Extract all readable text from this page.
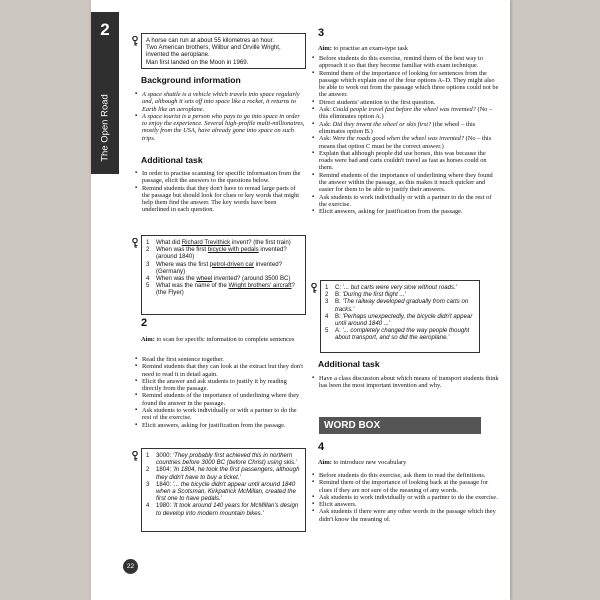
2
The Open Road
A horse can run at about 55 kilometres an hour.
Two American brothers, Wilbur and Orville Wright,
invented the aeroplane.
Man first landed on the Moon in 1969.
Background information
▪ A space shuttle is a vehicle which travels into space regularly and, although it sets off into space like a rocket, it returns to Earth like an aeroplane.
▪ A space tourist is a person who pays to go into space in order to enjoy the experience. Several high-profile multi-millionaires, mostly from the USA, have already gone into space on such trips.
Additional task
▪ In order to practise scanning for specific information from the passage, elicit the answers to the questions below.
▪ Remind students that they don't have to reread large parts of the passage but should look for clues or key words that might help them find the answer. The key words have been underlined in each question.
1	What did Richard Trevithick invent? (the first train)
2	When was the first bicycle with pedals invented? (around 1840)
3	Where was the first petrol-driven car invented? (Germany)
4	When was the wheel invented? (around 3500 BC)
5	What was the name of the Wright brothers' aircraft? (the Flyer)
2
Aim: to scan for specific information to complete sentences
▪ Read the first sentence together.
▪ Remind students that they can look at the extract but they don't need to read it in detail again.
▪ Elicit the answer and ask students to justify it by reading directly from the passage.
▪ Remind students of the importance of underlining where they found the answer in the passage.
▪ Ask students to work individually or with a partner to do the rest of the exercise.
▪ Elicit answers, asking for justification from the passage.
1	3000: 'They probably first achieved this in northern countries before 3000 BC (before Christ) using skis.'
2	1804: 'In 1804, he took the first passengers, although they didn't have to buy a ticket.'
3	1840: '... the bicycle didn't appear until around 1840 when a Scotsman, Kirkpatrick McMillan, created the first one to have pedals.'
4	1980: 'It took around 140 years for McMillan's design to develop into modern mountain bikes.'
3
Aim: to practise an exam-type task
▪ Before students do this exercise, remind them of the best way to approach it so that they become familiar with exam technique.
▪ Remind them of the importance of looking for sentences from the passage which explain one of the four options A–D. They might also be able to work out from the passage which three options could not be the answer.
▪ Direct students' attention to the first question.
▪ Ask: Could people travel fast before the wheel was invented? (No – this eliminates option A.)
▪ Ask: Did they invent the wheel or skis first? (the wheel – this eliminates option B.)
▪ Ask: Were the roads good when the wheel was invented? (No – this means that option C must be the correct answer.)
▪ Explain that although people did use horses, this was because the roads were bad and carts couldn't travel as fast as horses could on them.
▪ Remind students of the importance of underlining where they found the answer within the passage, as this makes it much quicker and easier for them to be able to justify their answers.
▪ Ask students to work individually or with a partner to do the rest of the exercise.
▪ Elicit answers, asking for justification from the passage.
1	C: '... but carts were very slow without roads.'
2	B: 'During the first flight ...'
3	B: 'The railway developed gradually from carts on tracks.'
4	B: 'Perhaps unexpectedly, the bicycle didn't appear until around 1840 ...'
5	A: '... completely changed the way people thought about transport, and so did the aeroplane.'
Additional task
▪ Have a class discussion about which means of transport students think has been the most important invention and why.
WORD BOX
4
Aim: to introduce new vocabulary
▪ Before students do this exercise, ask them to read the definitions.
▪ Remind them of the importance of looking back at the passage for clues if they are not sure of the meaning of any words.
▪ Ask students to work individually or with a partner to do the exercise.
▪ Elicit answers.
▪ Ask students if there were any other words in the passage which they didn't know the meaning of.
22
